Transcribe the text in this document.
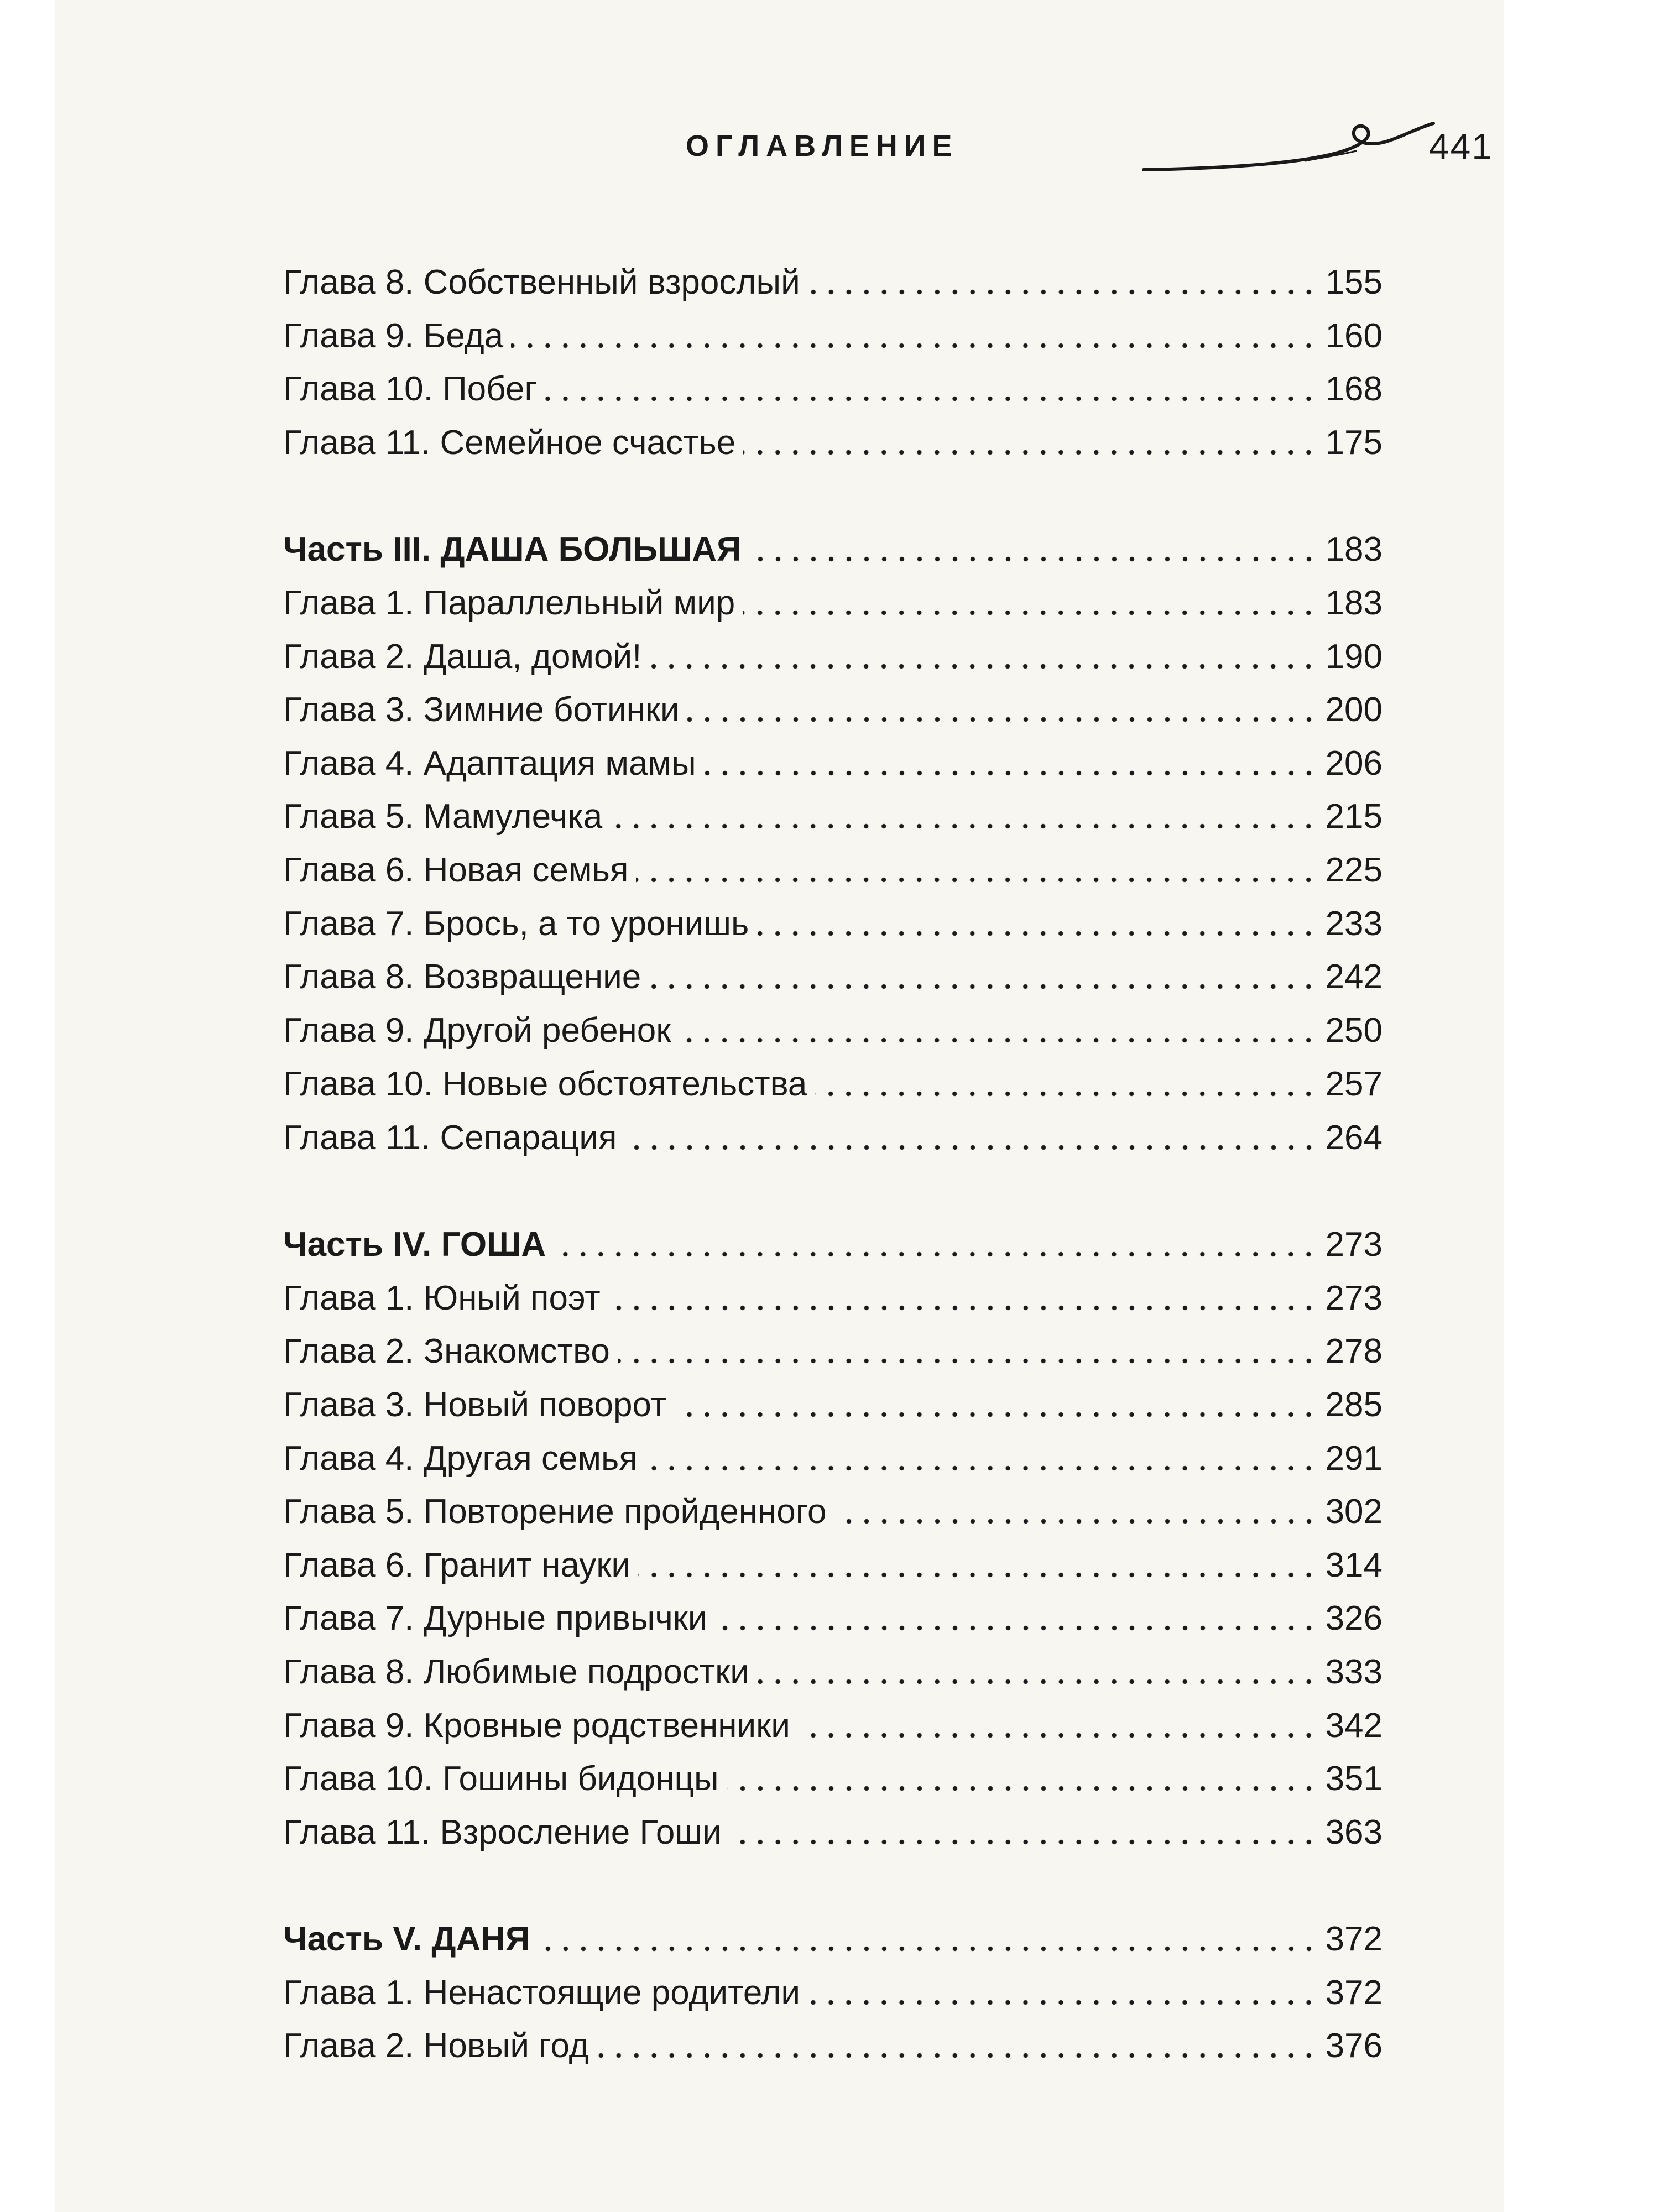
ОГЛАВЛЕНИЕ	441
Глава 8. Собственный взрослый	155
Глава 9. Беда	160
Глава 10. Побег	168
Глава 11. Семейное счастье	175
Часть III. ДАША БОЛЬШАЯ	183
Глава 1. Параллельный мир	183
Глава 2. Даша, домой!	190
Глава 3. Зимние ботинки	200
Глава 4. Адаптация мамы	206
Глава 5. Мамулечка	215
Глава 6. Новая семья	225
Глава 7. Брось, а то уронишь	233
Глава 8. Возвращение	242
Глава 9. Другой ребенок	250
Глава 10. Новые обстоятельства	257
Глава 11. Сепарация	264
Часть IV. ГОША	273
Глава 1. Юный поэт	273
Глава 2. Знакомство	278
Глава 3. Новый поворот	285
Глава 4. Другая семья	291
Глава 5. Повторение пройденного	302
Глава 6. Гранит науки	314
Глава 7. Дурные привычки	326
Глава 8. Любимые подростки	333
Глава 9. Кровные родственники	342
Глава 10. Гошины бидонцы	351
Глава 11. Взросление Гоши	363
Часть V. ДАНЯ	372
Глава 1. Ненастоящие родители	372
Глава 2. Новый год	376
